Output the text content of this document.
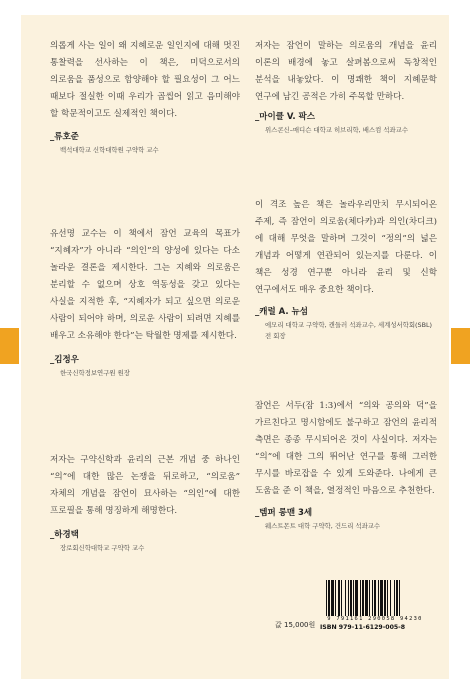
의롭게 사는 일이 왜 지혜로운 일인지에 대해 멋진 통찰력을 선사하는 이 책은, 미덕으로서의 의로움을 품성으로 함양해야 할 필요성이 그 어느 때보다 절실한 이때 우리가 곱씹어 읽고 음미해야 할 학문적이고도 실제적인 책이다.

_류호준

백석대학교 신학대학원 구약학 교수

유선명 교수는 이 책에서 잠언 교육의 목표가 “지혜자”가 아니라 “의인”의 양성에 있다는 다소 놀라운 결론을 제시한다. 그는 지혜와 의로움은 분리할 수 없으며 상호 역동성을 갖고 있다는 사실을 지적한 후, “지혜자가 되고 싶으면 의로운 사람이 되어야 하며, 의로운 사람이 되려면 지혜를 배우고 소유해야 한다”는 탁월한 명제를 제시한다.

_김정우

한국신학정보연구원 원장

저자는 구약신학과 윤리의 근본 개념 중 하나인 “의”에 대한 많은 논쟁을 뒤로하고, “의로움” 자체의 개념을 잠언이 묘사하는 “의인”에 대한 프로필을 통해 명징하게 해명한다.

_하경택

장로회신학대학교 구약학 교수

저자는 잠언이 말하는 의로움의 개념을 윤리 이론의 배경에 놓고 살펴봄으로써 독창적인 분석을 내놓았다. 이 명쾌한 책이 지혜문학 연구에 남긴 공적은 가히 주목할 만하다.

_마이클 V. 팍스

위스콘신–매디슨 대학교 히브리학, 배스컴 석좌교수

이 격조 높은 책은 놀라우리만치 무시되어온 주제, 즉 잠언이 의로움(체다카)과 의인(차디크)에 대해 무엇을 말하며 그것이 “정의”의 넓은 개념과 어떻게 연관되어 있는지를 다룬다. 이 책은 성경 연구뿐 아니라 윤리 및 신학 연구에서도 매우 중요한 책이다.

_캐럴 A. 뉴섬

에모리 대학교 구약학, 캔들러 석좌교수, 세계성서학회(SBL) 전 회장

잠언은 서두(잠 1:3)에서 “의와 공의와 덕”을 가르친다고 명시함에도 불구하고 잠언의 윤리적 측면은 종종 무시되어온 것이 사실이다. 저자는 “의”에 대한 그의 뛰어난 연구를 통해 그러한 무시를 바로잡을 수 있게 도와준다. 나에게 큰 도움을 준 이 책을, 열정적인 마음으로 추천한다.

_템퍼 롱맨 3세

웨스트몬트 대학 구약학, 건드리 석좌교수

값 15,000원
9 791161 290058 94230
ISBN 979-11-6129-005-8
